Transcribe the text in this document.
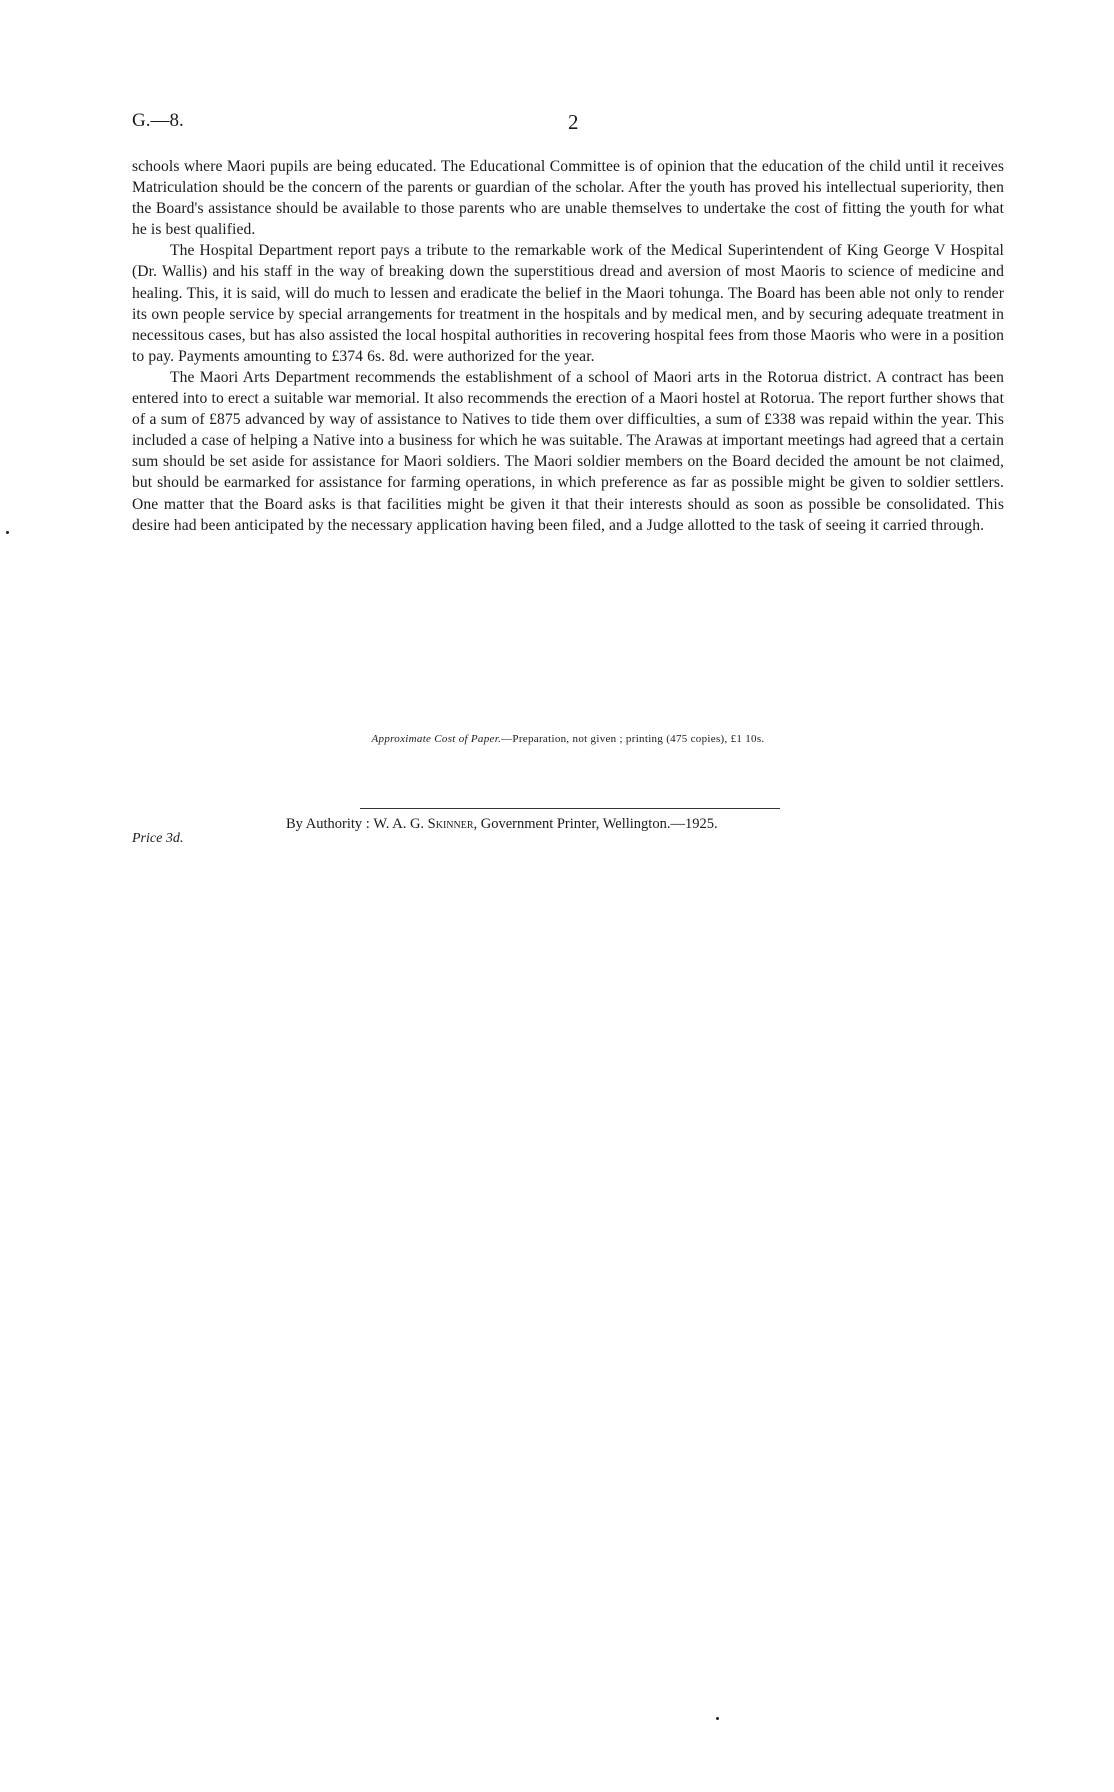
G.—8.	2

schools where Maori pupils are being educated. The Educational Committee is of opinion that the education of the child until it receives Matriculation should be the concern of the parents or guardian of the scholar. After the youth has proved his intellectual superiority, then the Board's assistance should be available to those parents who are unable themselves to undertake the cost of fitting the youth for what he is best qualified.

The Hospital Department report pays a tribute to the remarkable work of the Medical Superintendent of King George V Hospital (Dr. Wallis) and his staff in the way of breaking down the superstitious dread and aversion of most Maoris to science of medicine and healing. This, it is said, will do much to lessen and eradicate the belief in the Maori tohunga. The Board has been able not only to render its own people service by special arrangements for treatment in the hospitals and by medical men, and by securing adequate treatment in necessitous cases, but has also assisted the local hospital authorities in recovering hospital fees from those Maoris who were in a position to pay. Payments amounting to £374 6s. 8d. were authorized for the year.

The Maori Arts Department recommends the establishment of a school of Maori arts in the Rotorua district. A contract has been entered into to erect a suitable war memorial. It also recommends the erection of a Maori hostel at Rotorua. The report further shows that of a sum of £875 advanced by way of assistance to Natives to tide them over difficulties, a sum of £338 was repaid within the year. This included a case of helping a Native into a business for which he was suitable. The Arawas at important meetings had agreed that a certain sum should be set aside for assistance for Maori soldiers. The Maori soldier members on the Board decided the amount be not claimed, but should be earmarked for assistance for farming operations, in which preference as far as possible might be given to soldier settlers. One matter that the Board asks is that facilities might be given it that their interests should as soon as possible be consolidated. This desire had been anticipated by the necessary application having been filed, and a Judge allotted to the task of seeing it carried through.

Approximate Cost of Paper.—Preparation, not given ; printing (475 copies), £1 10s.
By Authority : W. A. G. Skinner, Government Printer, Wellington.—1925.
Price 3d.
